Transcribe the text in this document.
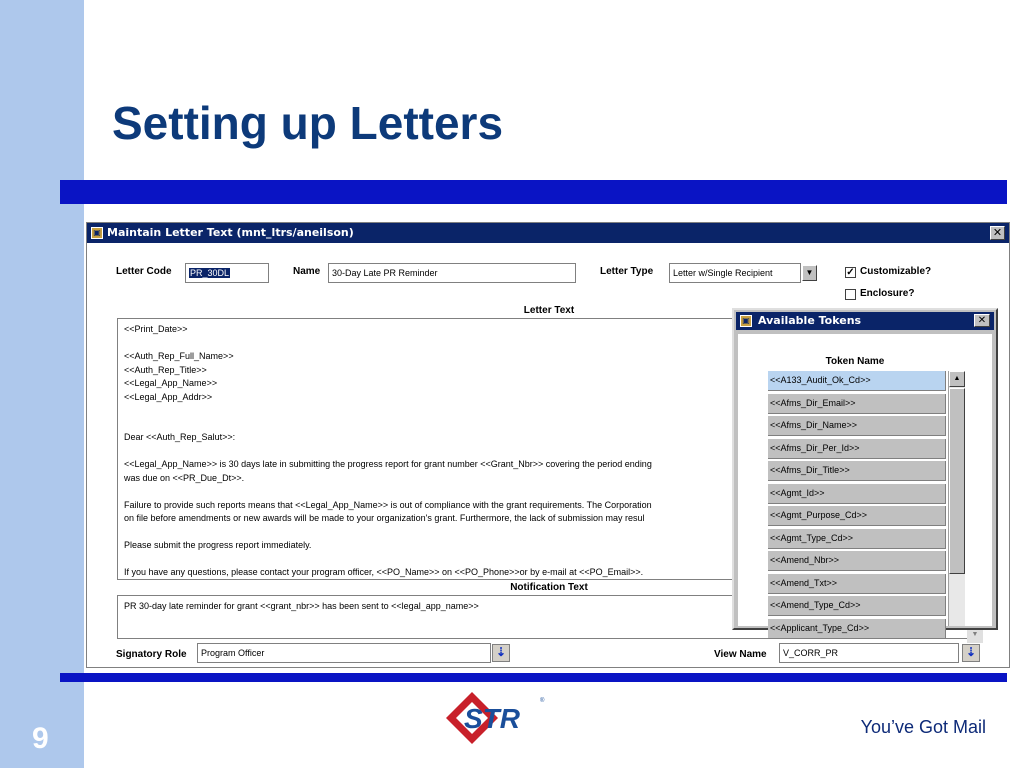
Setting up Letters
▣ Maintain Letter Text (mnt_ltrs/aneilson)	✕
Letter Code	PR_30DL	Name	30-Day Late PR Reminder	Letter Type	Letter w/Single Recipient	▼	✓ Customizable?
Enclosure?
Letter Text
<<Print_Date>>
<<Auth_Rep_Full_Name>>
<<Auth_Rep_Title>>
<<Legal_App_Name>>
<<Legal_App_Addr>>
Dear <<Auth_Rep_Salut>>:
<<Legal_App_Name>> is 30 days late in submitting the progress report for grant number <<Grant_Nbr>> covering the period ending
was due on <<PR_Due_Dt>>.
Failure to provide such reports means that <<Legal_App_Name>> is out of compliance with the grant requirements. The Corporation
on file before amendments or new awards will be made to your organization's grant. Furthermore, the lack of submission may resul
Please submit the progress report immediately.
If you have any questions, please contact your program officer, <<PO_Name>> on <<PO_Phone>>or by e-mail at <<PO_Email>>.
Notification Text
PR 30-day late reminder for grant <<grant_nbr>> has been sent to <<legal_app_name>>
▼
Signatory Role	Program Officer	⇣	View Name	V_CORR_PR	⇣
▣ Available Tokens	✕
Token Name
<<A133_Audit_Ok_Cd>>
<<Afms_Dir_Email>>
<<Afms_Dir_Name>>
<<Afms_Dir_Per_Id>>
<<Afms_Dir_Title>>
<<Agmt_Id>>
<<Agmt_Purpose_Cd>>
<<Agmt_Type_Cd>>
<<Amend_Nbr>>
<<Amend_Txt>>
<<Amend_Type_Cd>>
<<Applicant_Type_Cd>>
▲
STR
®
9	You’ve Got Mail
